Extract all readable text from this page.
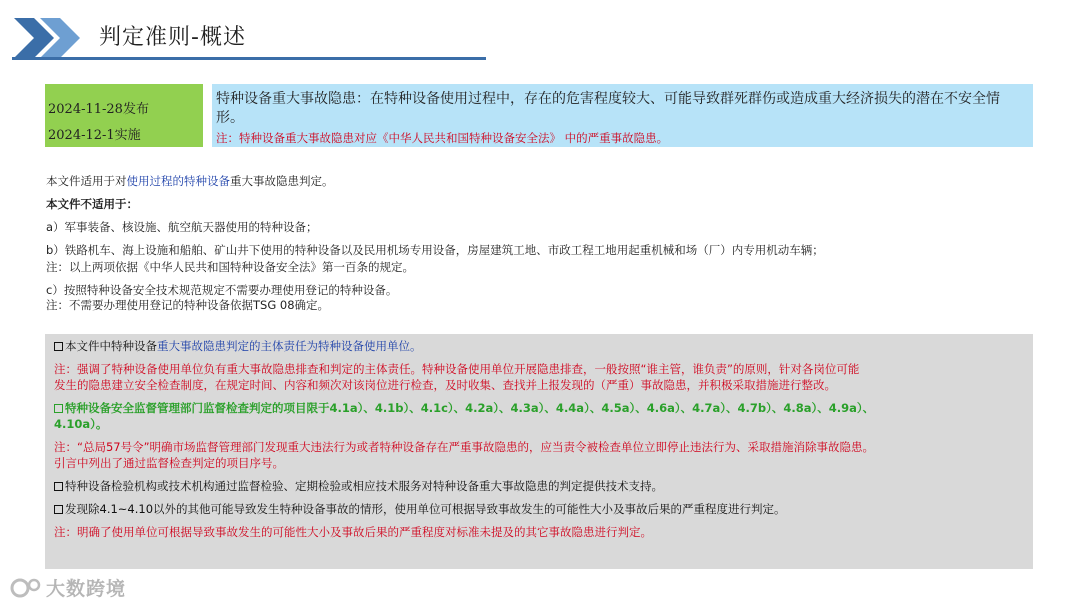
判定准则-概述
2024-11-28发布
2024-12-1实施
特种设备重大事故隐患：在特种设备使用过程中，存在的危害程度较大、可能导致群死群伤或造成重大经济损失的潜在不安全情形。
注：特种设备重大事故隐患对应《中华人民共和国特种设备安全法》 中的严重事故隐患。
本文件适用于对使用过程的特种设备重大事故隐患判定。
本文件不适用于：
a）军事装备、核设施、航空航天器使用的特种设备；
b）铁路机车、海上设施和船舶、矿山井下使用的特种设备以及民用机场专用设备，房屋建筑工地、市政工程工地用起重机械和场（厂）内专用机动车辆；
注：以上两项依据《中华人民共和国特种设备安全法》第一百条的规定。
c）按照特种设备安全技术规范规定不需要办理使用登记的特种设备。
注：不需要办理使用登记的特种设备依据TSG 08确定。
本文件中特种设备重大事故隐患判定的主体责任为特种设备使用单位。
注：强调了特种设备使用单位负有重大事故隐患排查和判定的主体责任。特种设备使用单位开展隐患排查，一般按照“谁主管，谁负责”的原则，针对各岗位可能
发生的隐患建立安全检查制度，在规定时间、内容和频次对该岗位进行检查，及时收集、查找并上报发现的（严重）事故隐患，并积极采取措施进行整改。
特种设备安全监督管理部门监督检查判定的项目限于4.1a）、4.1b）、4.1c）、4.2a）、4.3a）、4.4a）、4.5a）、4.6a）、4.7a）、4.7b）、4.8a）、4.9a）、
4.10a）。
注：“总局57号令”明确市场监督管理部门发现重大违法行为或者特种设备存在严重事故隐患的，应当责令被检查单位立即停止违法行为、采取措施消除事故隐患。
引言中列出了通过监督检查判定的项目序号。
特种设备检验机构或技术机构通过监督检验、定期检验或相应技术服务对特种设备重大事故隐患的判定提供技术支持。
发现除4.1~4.10以外的其他可能导致发生特种设备事故的情形，使用单位可根据导致事故发生的可能性大小及事故后果的严重程度进行判定。
注：明确了使用单位可根据导致事故发生的可能性大小及事故后果的严重程度对标准未提及的其它事故隐患进行判定。
大数跨境
